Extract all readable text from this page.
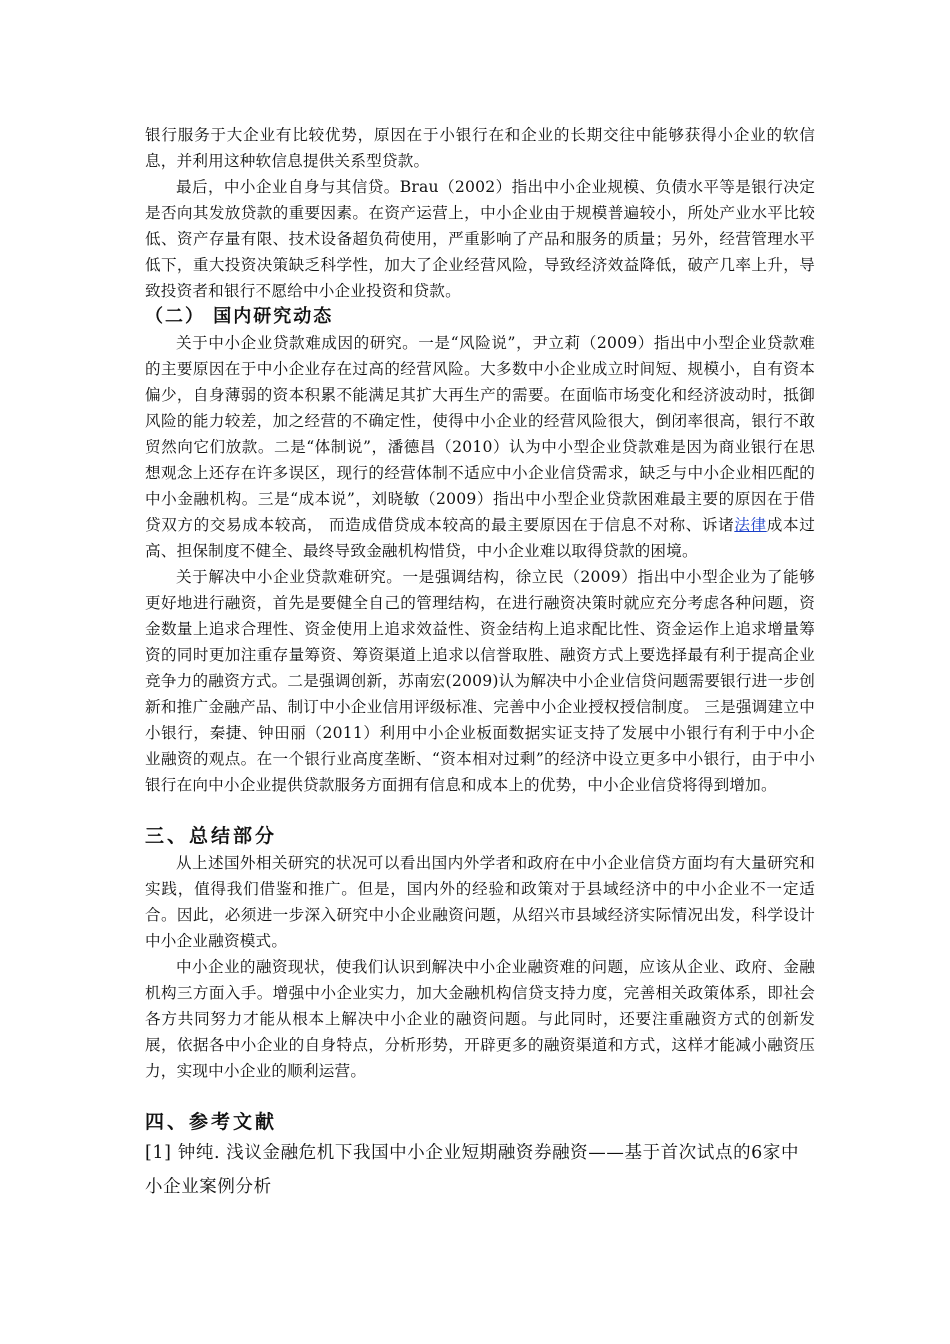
银行服务于大企业有比较优势，原因在于小银行在和企业的长期交往中能够获得小企业的软信息，并利用这种软信息提供关系型贷款。

最后，中小企业自身与其信贷。Brau（2002）指出中小企业规模、负债水平等是银行决定是否向其发放贷款的重要因素。在资产运营上，中小企业由于规模普遍较小，所处产业水平比较低、资产存量有限、技术设备超负荷使用，严重影响了产品和服务的质量；另外，经营管理水平低下，重大投资决策缺乏科学性，加大了企业经营风险，导致经济效益降低，破产几率上升，导致投资者和银行不愿给中小企业投资和贷款。

（二） 国内研究动态

关于中小企业贷款难成因的研究。一是“风险说”，尹立莉（2009）指出中小型企业贷款难的主要原因在于中小企业存在过高的经营风险。大多数中小企业成立时间短、规模小，自有资本偏少，自身薄弱的资本积累不能满足其扩大再生产的需要。在面临市场变化和经济波动时，抵御风险的能力较差，加之经营的不确定性，使得中小企业的经营风险很大，倒闭率很高，银行不敢贸然向它们放款。二是“体制说”，潘德昌（2010）认为中小型企业贷款难是因为商业银行在思想观念上还存在许多误区，现行的经营体制不适应中小企业信贷需求，缺乏与中小企业相匹配的中小金融机构。三是“成本说”，刘晓敏（2009）指出中小型企业贷款困难最主要的原因在于借贷双方的交易成本较高， 而造成借贷成本较高的最主要原因在于信息不对称、诉诸法律成本过高、担保制度不健全、最终导致金融机构惜贷，中小企业难以取得贷款的困境。

关于解决中小企业贷款难研究。一是强调结构，徐立民（2009）指出中小型企业为了能够更好地进行融资，首先是要健全自己的管理结构，在进行融资决策时就应充分考虑各种问题，资金数量上追求合理性、资金使用上追求效益性、资金结构上追求配比性、资金运作上追求增量筹资的同时更加注重存量筹资、筹资渠道上追求以信誉取胜、融资方式上要选择最有利于提高企业竞争力的融资方式。二是强调创新，苏南宏(2009)认为解决中小企业信贷问题需要银行进一步创新和推广金融产品、制订中小企业信用评级标准、完善中小企业授权授信制度。 三是强调建立中小银行，秦捷、钟田丽（2011）利用中小企业板面数据实证支持了发展中小银行有利于中小企业融资的观点。在一个银行业高度垄断、“资本相对过剩”的经济中设立更多中小银行，由于中小银行在向中小企业提供贷款服务方面拥有信息和成本上的优势，中小企业信贷将得到增加。

三、总结部分

从上述国外相关研究的状况可以看出国内外学者和政府在中小企业信贷方面均有大量研究和实践，值得我们借鉴和推广。但是，国内外的经验和政策对于县域经济中的中小企业不一定适合。因此，必须进一步深入研究中小企业融资问题，从绍兴市县域经济实际情况出发，科学设计中小企业融资模式。

中小企业的融资现状，使我们认识到解决中小企业融资难的问题，应该从企业、政府、金融机构三方面入手。增强中小企业实力，加大金融机构信贷支持力度，完善相关政策体系，即社会各方共同努力才能从根本上解决中小企业的融资问题。与此同时，还要注重融资方式的创新发展，依据各中小企业的自身特点，分析形势，开辟更多的融资渠道和方式，这样才能减小融资压力，实现中小企业的顺利运营。

四、参考文献

[1] 钟纯. 浅议金融危机下我国中小企业短期融资券融资——基于首次试点的6家中小企业案例分析
